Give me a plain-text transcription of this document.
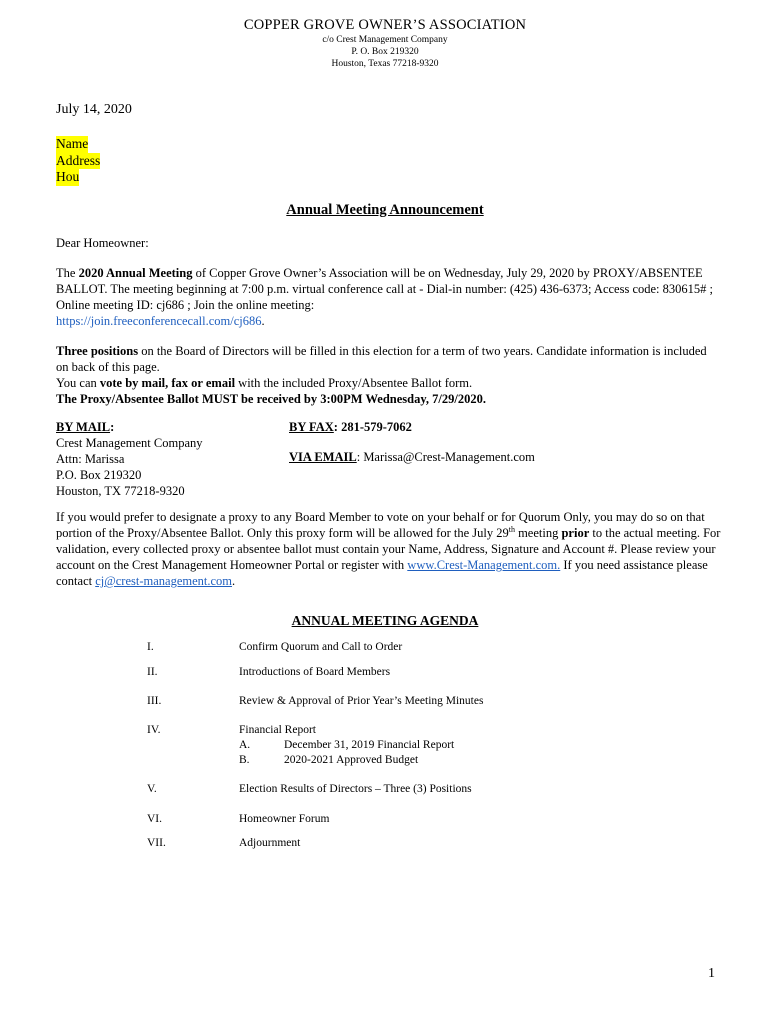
COPPER GROVE OWNER’S ASSOCIATION
c/o Crest Management Company
P. O. Box 219320
Houston, Texas 77218-9320
July 14, 2020
Name
Address
Hou
Annual Meeting Announcement
Dear Homeowner:
The 2020 Annual Meeting of Copper Grove Owner’s Association will be on Wednesday, July 29, 2020 by PROXY/ABSENTEE BALLOT. The meeting beginning at 7:00 p.m. virtual conference call at - Dial-in number: (425) 436-6373; Access code: 830615# ; Online meeting ID: cj686 ; Join the online meeting:
https://join.freeconferencecall.com/cj686.
Three positions on the Board of Directors will be filled in this election for a term of two years. Candidate information is included on back of this page.
You can vote by mail, fax or email with the included Proxy/Absentee Ballot form.
The Proxy/Absentee Ballot MUST be received by 3:00PM Wednesday, 7/29/2020.
BY MAIL:
Crest Management Company
Attn: Marissa
P.O. Box 219320
Houston, TX 77218-9320
BY FAX: 281-579-7062
VIA EMAIL: Marissa@Crest-Management.com
If you would prefer to designate a proxy to any Board Member to vote on your behalf or for Quorum Only, you may do so on that portion of the Proxy/Absentee Ballot. Only this proxy form will be allowed for the July 29th meeting prior to the actual meeting. For validation, every collected proxy or absentee ballot must contain your Name, Address, Signature and Account #. Please review your account on the Crest Management Homeowner Portal or register with www.Crest-Management.com. If you need assistance please contact cj@crest-management.com.
ANNUAL MEETING AGENDA
I.	Confirm Quorum and Call to Order
II.	Introductions of Board Members
III.	Review & Approval of Prior Year’s Meeting Minutes
IV.	Financial Report
A.	December 31, 2019 Financial Report
B.	2020-2021 Approved Budget
V.	Election Results of Directors – Three (3) Positions
VI.	Homeowner Forum
VII.	Adjournment
1
